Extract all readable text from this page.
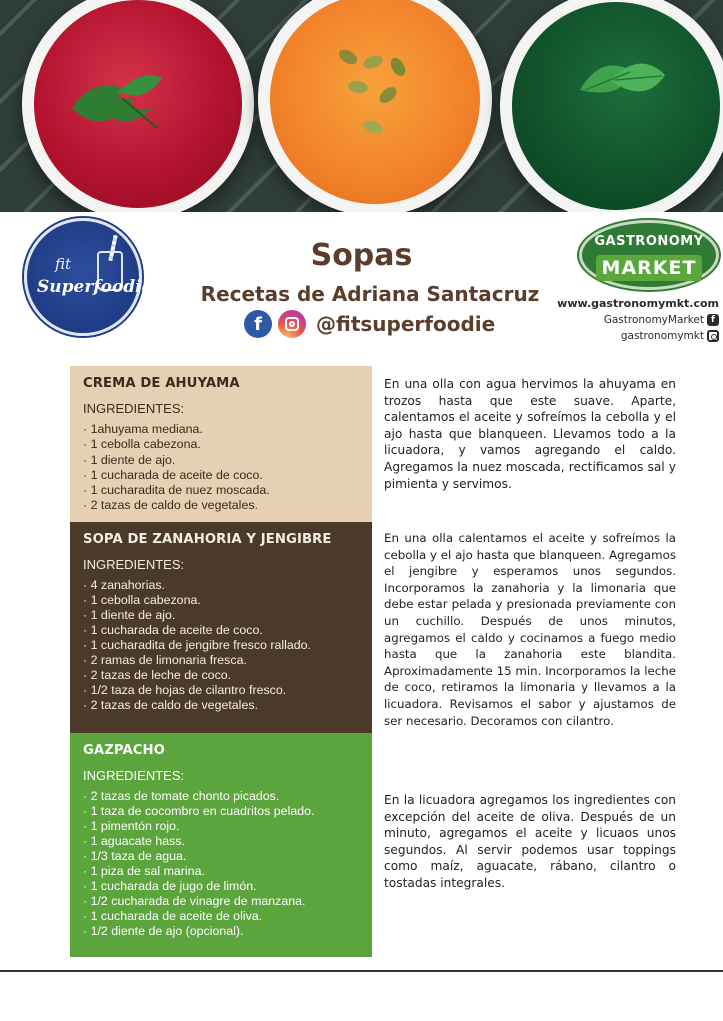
fit
Superfoodie
Sopas
Recetas de Adriana Santacruz
f	@fitsuperfoodie
GASTRONOMY
MARKET
www.gastronomymkt.com
GastronomyMarket f
gastronomymkt
CREMA DE AHUYAMA
INGREDIENTES:
· 1ahuyama mediana.
· 1 cebolla cabezona.
· 1 diente de ajo.
· 1 cucharada de aceite de coco.
· 1 cucharadita de nuez moscada.
· 2 tazas de caldo de vegetales.

En una olla con agua hervimos la ahuyama en trozos hasta que este suave. Aparte, calentamos el aceite y sofreímos la cebolla y el ajo hasta que blanqueen. Llevamos todo a la licuadora, y vamos agregando el caldo. Agregamos la nuez moscada, rectificamos sal y pimienta y servimos.

SOPA DE ZANAHORIA Y JENGIBRE
INGREDIENTES:
· 4 zanahorias.
· 1 cebolla cabezona.
· 1 diente de ajo.
· 1 cucharada de aceite de coco.
· 1 cucharadita de jengibre fresco rallado.
· 2 ramas de limonaria fresca.
· 2 tazas de leche de coco.
· 1/2 taza de hojas de cilantro fresco.
· 2 tazas de caldo de vegetales.

En una olla calentamos el aceite y sofreímos la cebolla y el ajo hasta que blanqueen. Agregamos el jengibre y esperamos unos segundos. Incorporamos la zanahoria y la limonaria que debe estar pelada y presionada previamente con un cuchillo. Después de unos minutos, agregamos el caldo y cocinamos a fuego medio hasta que la zanahoria este blandita. Aproximadamente 15 min. Incorporamos la leche de coco, retiramos la limonaria y llevamos a la licuadora. Revisamos el sabor y ajustamos de ser necesario. Decoramos con cilantro.

GAZPACHO
INGREDIENTES:
· 2 tazas de tomate chonto picados.
· 1 taza de cocombro en cuadritos pelado.
· 1 pimentón rojo.
· 1 aguacate hass.
· 1/3 taza de agua.
· 1 piza de sal marina.
· 1 cucharada de jugo de limón.
· 1/2 cucharada de vinagre de manzana.
· 1 cucharada de aceite de oliva.
· 1/2 diente de ajo (opcional).

En la licuadora agregamos los ingredientes con excepción del aceite de oliva. Después de un minuto, agregamos el aceite y licuaos unos segundos. Al servir podemos usar toppings como maíz, aguacate, rábano, cilantro o tostadas integrales.
